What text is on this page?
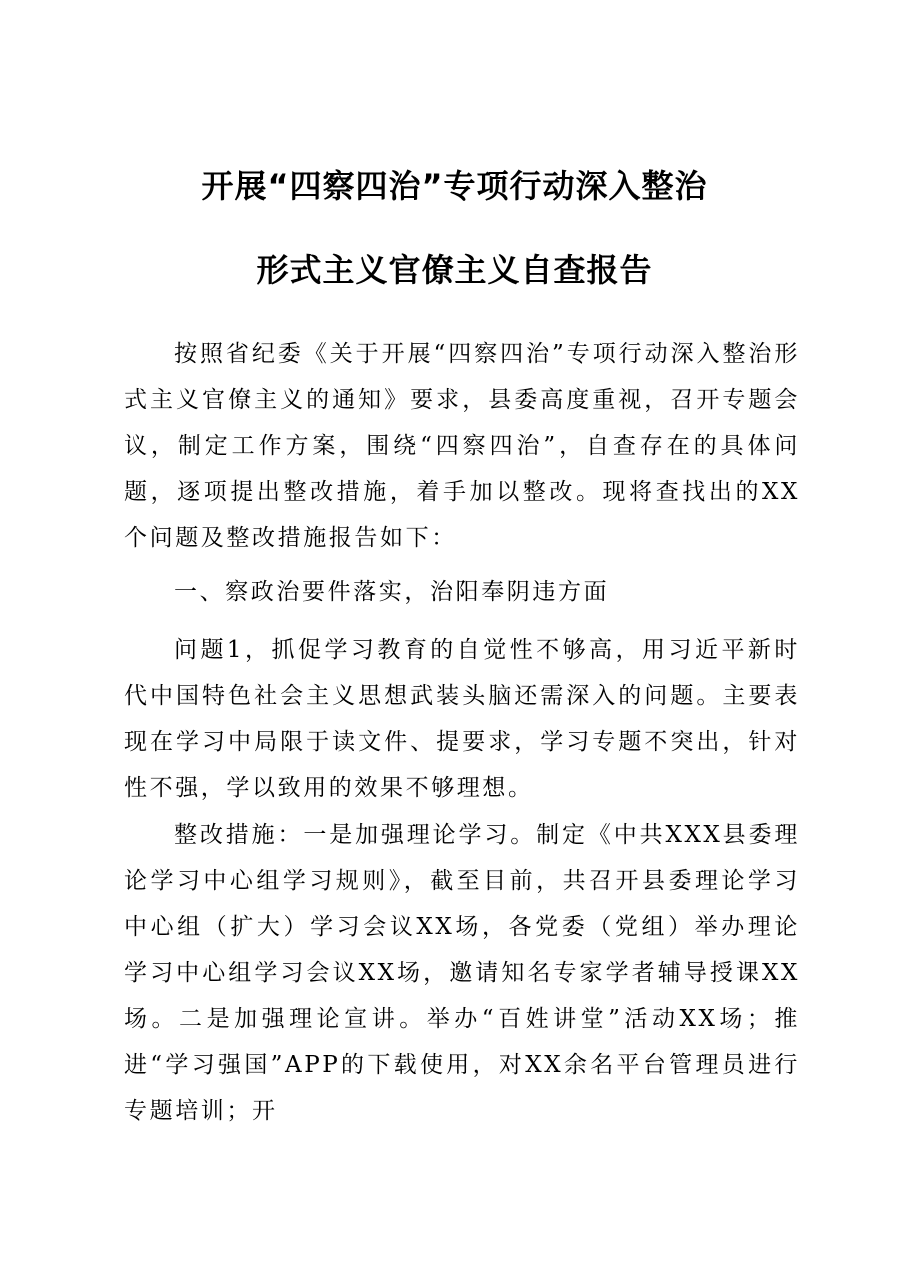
开展“四察四治”专项行动深入整治
形式主义官僚主义自查报告

按照省纪委《关于开展“四察四治”专项行动深入整治形式主义官僚主义的通知》要求，县委高度重视，召开专题会议，制定工作方案，围绕“四察四治”，自查存在的具体问题，逐项提出整改措施，着手加以整改。现将查找出的XX个问题及整改措施报告如下：

一、察政治要件落实，治阳奉阴违方面

问题1，抓促学习教育的自觉性不够高，用习近平新时代中国特色社会主义思想武装头脑还需深入的问题。主要表现在学习中局限于读文件、提要求，学习专题不突出，针对性不强，学以致用的效果不够理想。

整改措施：一是加强理论学习。制定《中共XXX县委理论学习中心组学习规则》，截至目前，共召开县委理论学习中心组（扩大）学习会议XX场，各党委（党组）举办理论学习中心组学习会议XX场，邀请知名专家学者辅导授课XX场。二是加强理论宣讲。举办“百姓讲堂”活动XX场；推进“学习强国”APP的下载使用，对XX余名平台管理员进行专题培训；开
